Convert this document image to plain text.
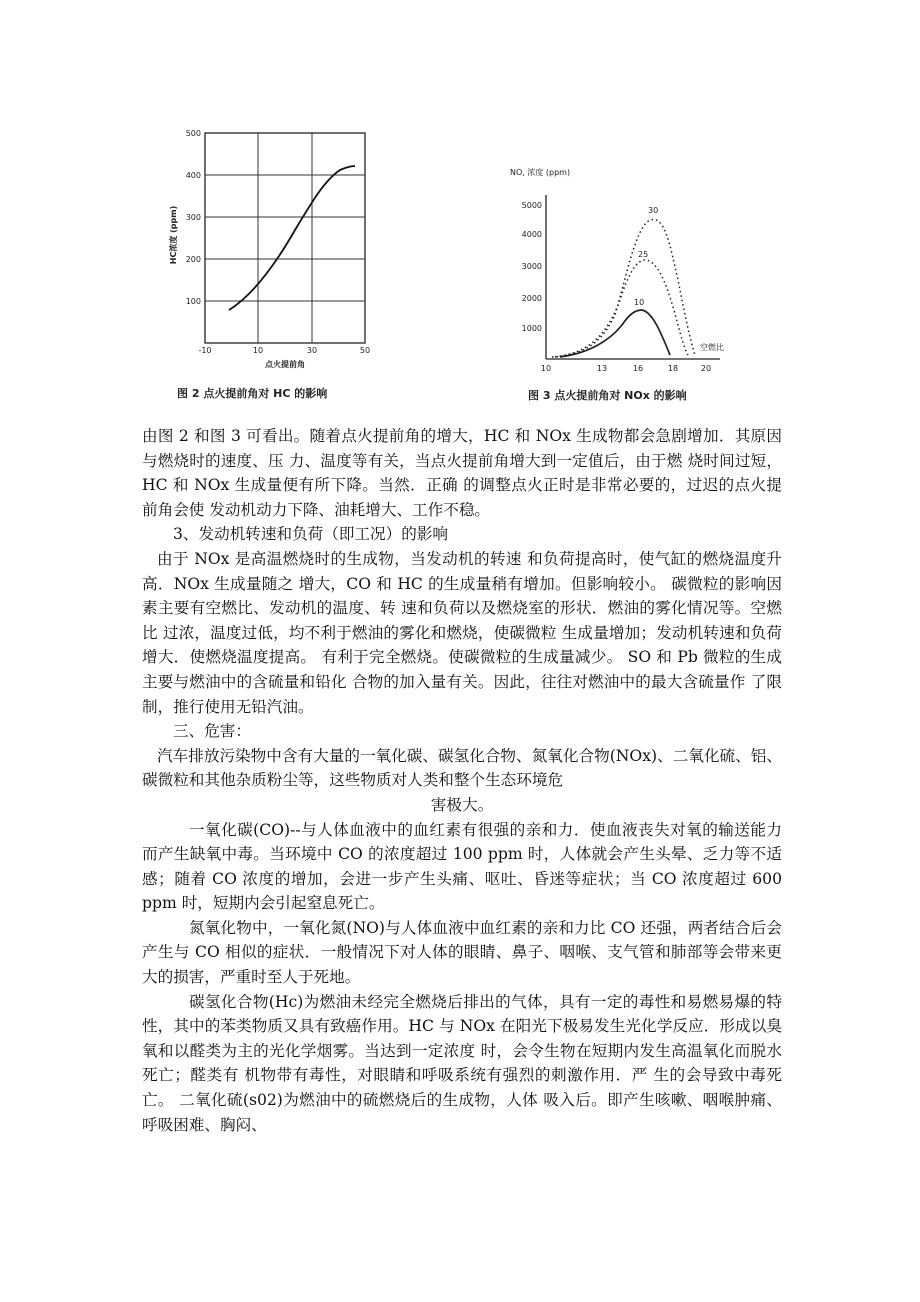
500
400
300
200
100
HC浓度 (ppm)
-10	10	30	50
点火提前角
图 2 点火提前角对 HC 的影响
NO, 浓度 (ppm)
5000
4000
3000
2000
1000
30
25
10
10	13	16	18	20
空燃比
图 3 点火提前角对 NOx 的影响

由图 2 和图 3 可看出。随着点火提前角的增大，HC 和 NOx 生成物都会急剧增加．其原因与燃烧时的速度、压 力、温度等有关，当点火提前角增大到一定值后，由于燃 烧时间过短，HC 和 NOx 生成量便有所下降。当然．正确 的调整点火正时是非常必要的，过迟的点火提前角会使 发动机动力下降、油耗增大、工作不稳。

3、发动机转速和负荷（即工况）的影响

由于 NOx 是高温燃烧时的生成物，当发动机的转速 和负荷提高时，使气缸的燃烧温度升高．NOx 生成量随之 增大，CO 和 HC 的生成量稍有增加。但影响较小。 碳微粒的影响因素主要有空燃比、发动机的温度、转 速和负荷以及燃烧室的形状．燃油的雾化情况等。空燃比 过浓，温度过低，均不利于燃油的雾化和燃烧，使碳微粒 生成量增加；发动机转速和负荷增大．使燃烧温度提高。 有利于完全燃烧。使碳微粒的生成量减少。 SO 和 Pb 微粒的生成主要与燃油中的含硫量和铅化 合物的加入量有关。因此，往往对燃油中的最大含硫量作 了限制，推行使用无铅汽油。

三、危害：

汽车排放污染物中含有大量的一氧化碳、碳氢化合物、氮氧化合物(NOx)、二氧化硫、铝、碳微粒和其他杂质粉尘等，这些物质对人类和整个生态环境危

害极大。

一氧化碳(CO)--与人体血液中的血红素有很强的亲和力．使血液丧失对氧的输送能力而产生缺氧中毒。当环境中 CO 的浓度超过 100 ppm 时，人体就会产生头晕、乏力等不适感；随着 CO 浓度的增加，会进一步产生头痛、呕吐、昏迷等症状；当 CO 浓度超过 600 ppm 时，短期内会引起窒息死亡。

氮氧化物中，一氧化氮(NO)与人体血液中血红素的亲和力比 CO 还强，两者结合后会产生与 CO 相似的症状．一般情况下对人体的眼睛、鼻子、咽喉、支气管和肺部等会带来更大的损害，严重时至人于死地。

碳氢化合物(Hc)为燃油未经完全燃烧后排出的气体，具有一定的毒性和易燃易爆的特性，其中的苯类物质又具有致癌作用。HC 与 NOx 在阳光下极易发生光化学反应．形成以臭氧和以醛类为主的光化学烟雾。当达到一定浓度 时，会令生物在短期内发生高温氧化而脱水死亡；醛类有 机物带有毒性，对眼睛和呼吸系统有强烈的刺激作用．严 生的会导致中毒死亡。 二氧化硫(s02)为燃油中的硫燃烧后的生成物，人体 吸入后。即产生咳嗽、咽喉肿痛、呼吸困难、胸闷、
